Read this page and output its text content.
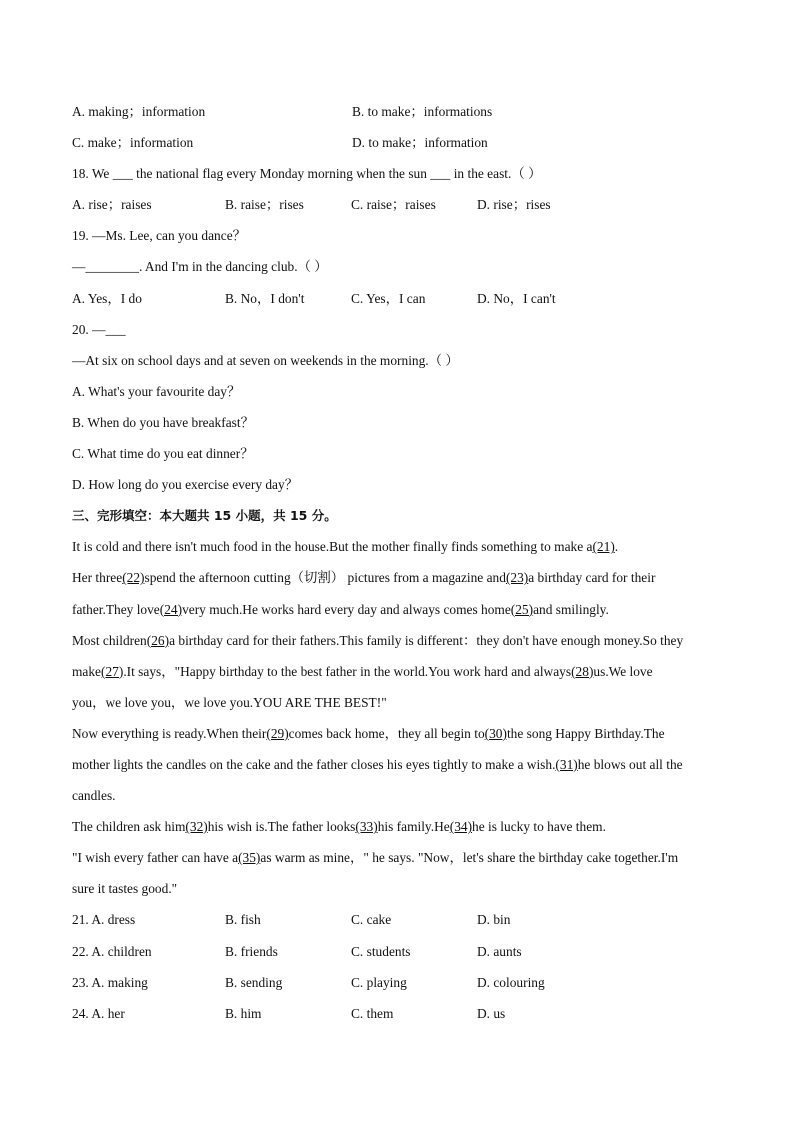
A. making；information	B. to make；informations
C. make；information	D. to make；information
18. We ___ the national flag every Monday morning when the sun ___ in the east.（ ）
A. rise；raises	B. raise；rises	C. raise；raises	D. rise；rises
19. —Ms. Lee, can you dance？
—________. And I'm in the dancing club.（ ）
A. Yes，I do	B. No，I don't	C. Yes，I can	D. No，I can't
20. —___
—At six on school days and at seven on weekends in the morning.（ ）
A. What's your favourite day？
B. When do you have breakfast？
C. What time do you eat dinner？
D. How long do you exercise every day？
三、完形填空：本大题共 15 小题，共 15 分。
It is cold and there isn't much food in the house.But the mother finally finds something to make a(21).
Her three(22)spend the afternoon cutting（切割） pictures from a magazine and(23)a birthday card for their
father.They love(24)very much.He works hard every day and always comes home(25)and smilingly.
Most children(26)a birthday card for their fathers.This family is different：they don't have enough money.So they
make(27).It says，"Happy birthday to the best father in the world.You work hard and always(28)us.We love
you，we love you，we love you.YOU ARE THE BEST!"
Now everything is ready.When their(29)comes back home，they all begin to(30)the song Happy Birthday.The
mother lights the candles on the cake and the father closes his eyes tightly to make a wish.(31)he blows out all the
candles.
The children ask him(32)his wish is.The father looks(33)his family.He(34)he is lucky to have them.
"I wish every father can have a(35)as warm as mine，" he says. "Now，let's share the birthday cake together.I'm
sure it tastes good."
21. A. dress	B. fish	C. cake	D. bin
22. A. children	B. friends	C. students	D. aunts
23. A. making	B. sending	C. playing	D. colouring
24. A. her	B. him	C. them	D. us
